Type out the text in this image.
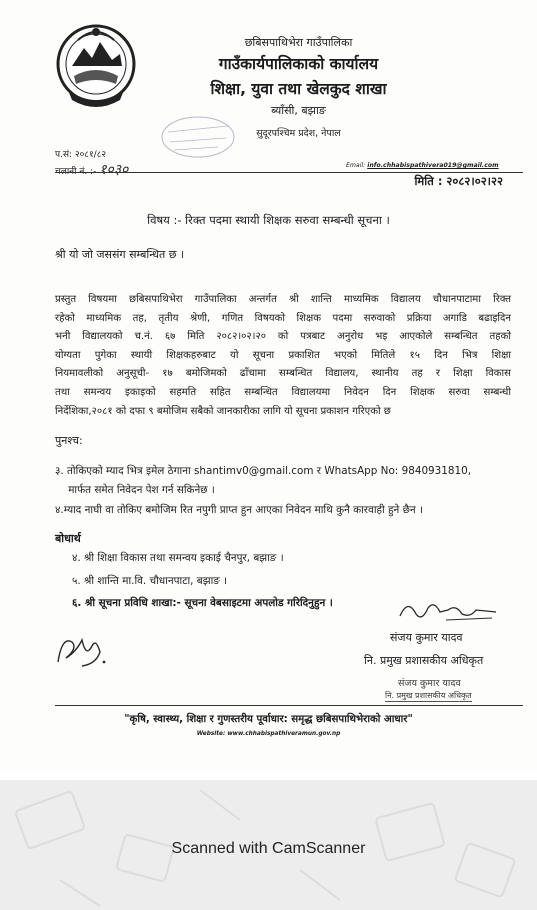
छबिसपाथिभेरा गाउँपालिका
गाउँकार्यपालिकाको कार्यालय
शिक्षा, युवा तथा खेलकुद शाखा
ब्याँसी, बझाङ
सुदूरपश्चिम प्रदेश, नेपाल
प.सं: २०८१/८२
चलानी नं. :- १०३०	Email: info.chhabispathivera019@gmail.com
मिति : २०८२।०२।२२
विषय :- रिक्त पदमा स्थायी शिक्षक सरुवा सम्बन्धी सूचना ।
श्री यो जो जससंग सम्बन्धित छ ।
प्रस्तुत विषयमा छबिसपाथिभेरा गाउँपालिका अन्तर्गत श्री शान्ति माध्यमिक विद्यालय चौधानपाटामा रिक्त
रहेको माध्यमिक तह, तृतीय श्रेणी, गणित विषयको शिक्षक पदमा सरुवाको प्रक्रिया अगाडि बढाइदिन
भनी विद्यालयको च.नं. ६७ मिति २०८२।०२।२० को पत्रबाट अनुरोध भइ आएकोले सम्बन्धित तहको
योग्यता पुगेका स्थायी शिक्षकहरुबाट यो सूचना प्रकाशित भएको मितिले १५ दिन भित्र शिक्षा
नियमावलीको अनुसूची- १७ बमोजिमको ढाँचामा सम्बन्धित विद्यालय, स्थानीय तह र शिक्षा विकास
तथा समन्वय इकाइको सहमति सहित सम्बन्धित विद्यालयमा निवेदन दिन शिक्षक सरुवा सम्बन्धी
निर्देशिका,२०८१ को दफा ९ बमोजिम सबैको जानकारीका लागि यो सूचना प्रकाशन गरिएको छ
पुनश्च:
३. तोकिएको म्याद भित्र इमेल ठेगाना shantimv0@gmail.com र WhatsApp No: 9840931810,
मार्फत समेत निवेदन पेश गर्न सकिनेछ ।
४.म्याद नाघी वा तोकिए बमोजिम रित नपुगी प्राप्त हुन आएका निवेदन माथि कुनै कारवाही हुने छैन ।
बोधार्थ
४. श्री शिक्षा विकास तथा समन्वय इकाई चैनपुर, बझाङ ।
५. श्री शान्ति मा.वि. चौधानपाटा, बझाङ ।
६. श्री सूचना प्रविधि शाखा:- सूचना वेबसाइटमा अपलोड गरिदिनुहुन ।
संजय कुमार यादव
नि. प्रमुख प्रशासकीय अधिकृत
संजय कुमार यादव
नि. प्रमुख प्रशासकीय अधिकृत
"कृषि, स्वास्थ्य, शिक्षा र गुणस्तरीय पूर्वाधार: समृद्ध छबिसपाथिभेराको आधार"
Website: www.chhabispathiveramun.gov.np
Scanned with CamScanner
